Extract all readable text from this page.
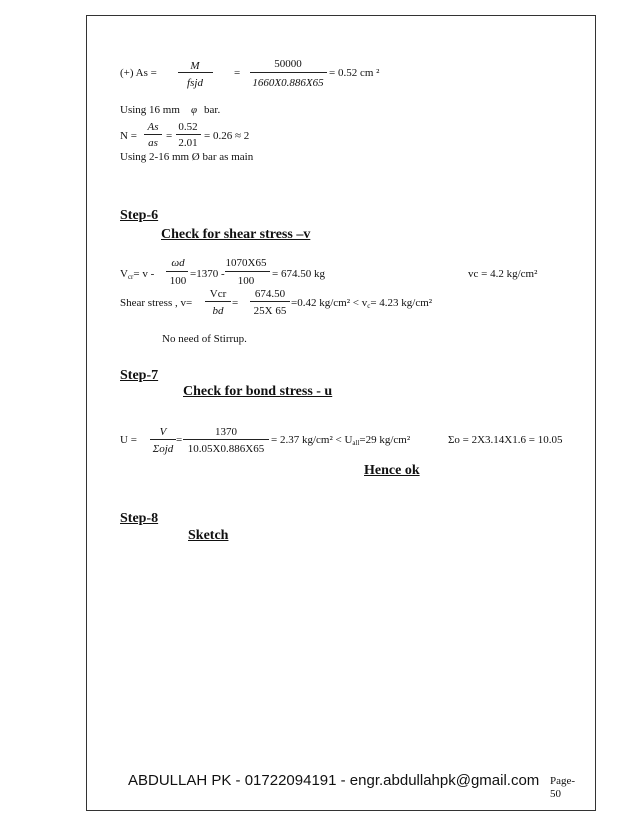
(+) As =
M
fsjd
=
50000
1660X0.886X65
= 0.52 cm ²
Using 16 mm φ bar.
N =
As
as
=
0.52
2.01
= 0.26 ≈ 2
Using 2-16 mm Ø bar as main
Step-6
Check for shear stress –v
$V_{cr}= v$ -
ωd
100
=1370 -
1070X65
100
= 674.50 kg	vc = 4.2 kg/cm²
Shear stress , v=
Vcr
bd
=
674.50
25X 65
=0.42 $kg/cm^2 < v_c= 4.23$ kg/cm²
No need of Stirrup.
Step-7
Check for bond stress - u
U =
V
Σojd
=
1370
10.05X0.886X65
= 2.37 $kg/cm^2 < U_{all}=29$ kg/cm²	Σo = 2X3.14X1.6 = 10.05
Hence ok
Step-8
Sketch
ABDULLAH PK - 01722094191 - engr.abdullahpk@gmail.com Page-
50
